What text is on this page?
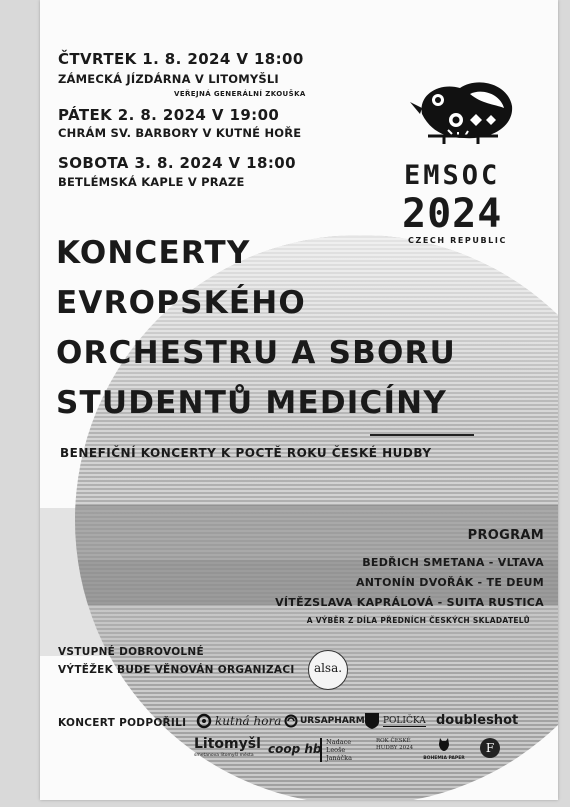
ČTVRTEK 1. 8. 2024 V 18:00

ZÁMECKÁ JÍZDÁRNA V LITOMYŠLI

VEŘEJNÁ GENERÁLNÍ ZKOUŠKA

PÁTEK 2. 8. 2024 V 19:00

CHRÁM SV. BARBORY V KUTNÉ HOŘE

SOBOTA 3. 8. 2024 V 18:00

BETLÉMSKÁ KAPLE V PRAZE	EMSOC

2024

CZECH REPUBLIC

KONCERTY

EVROPSKÉHO

ORCHESTRU A SBORU

STUDENTŮ MEDICÍNY

BENEFIČNÍ KONCERTY K POCTĚ ROKU ČESKÉ HUDBY

PROGRAM

BEDŘICH SMETANA - VLTAVA

ANTONÍN DVOŘÁK - TE DEUM

VÍTĚZSLAVA KAPRÁLOVÁ - SUITA RUSTICA

A VÝBĚR Z DÍLA PŘEDNÍCH ČESKÝCH SKLADATELŮ

VSTUPNÉ DOBROVOLNÉ

VÝTĚŽEK BUDE VĚNOVÁN ORGANIZACI	alsa.

KONCERT PODPOŘILI kutná hora URSAPHARM POLIČKA doubleshot
Litomyšl
smetanova litomyšl města	coop hb Nadace Leoše Janáčka
ROK ČESKÉ HUDBY 2024
BOHEMIA PAPER
F
